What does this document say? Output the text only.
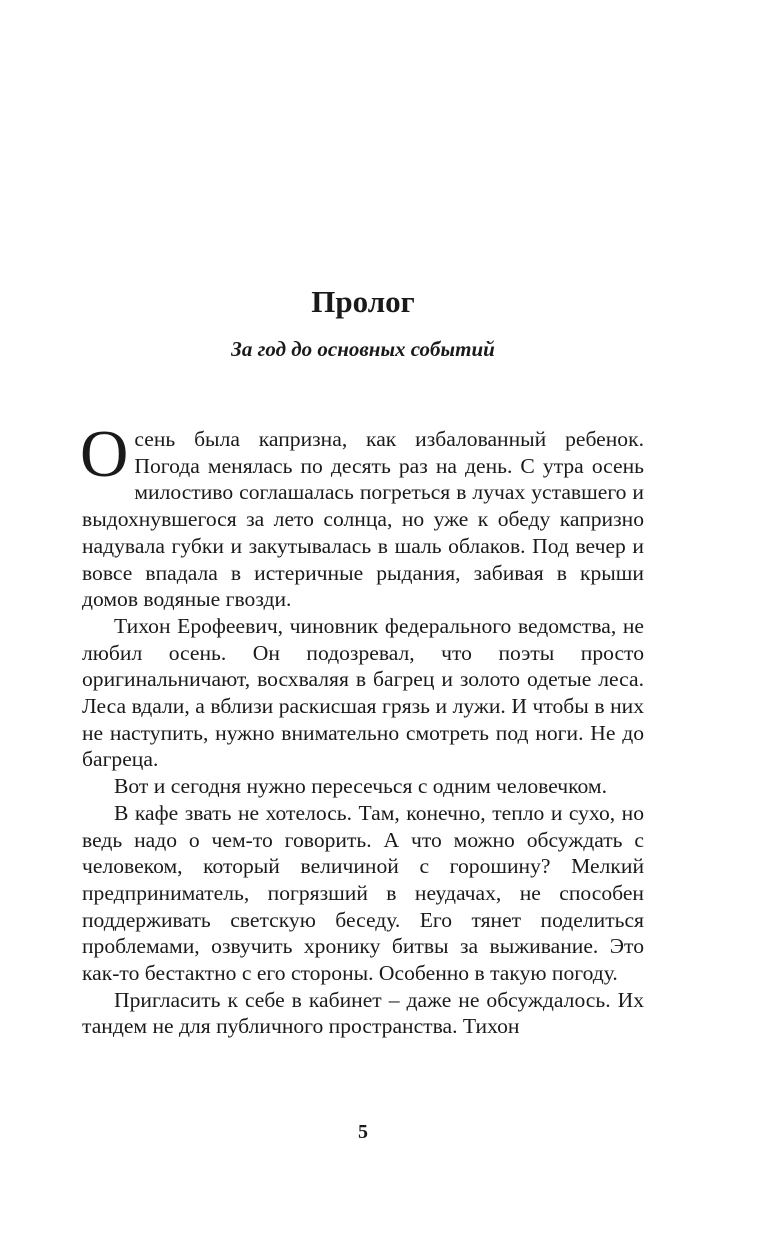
Пролог
За год до основных событий

Осень была капризна, как избалованный ребенок. Погода менялась по десять раз на день. С утра осень милостиво соглашалась погреться в лучах уставшего и выдохнувшегося за лето солнца, но уже к обеду капризно надувала губки и закутывалась в шаль облаков. Под вечер и вовсе впадала в истеричные рыдания, забивая в крыши домов водяные гвозди.

Тихон Ерофеевич, чиновник федерального ведомства, не любил осень. Он подозревал, что поэты просто оригинальничают, восхваляя в багрец и золото одетые леса. Леса вдали, а вблизи раскисшая грязь и лужи. И чтобы в них не наступить, нужно внимательно смотреть под ноги. Не до багреца.

Вот и сегодня нужно пересечься с одним человечком.

В кафе звать не хотелось. Там, конечно, тепло и сухо, но ведь надо о чем-то говорить. А что можно обсуждать с человеком, который величиной с горошину? Мелкий предприниматель, погрязший в неудачах, не способен поддерживать светскую беседу. Его тянет поделиться проблемами, озвучить хронику битвы за выживание. Это как-то бестактно с его стороны. Особенно в такую погоду.

Пригласить к себе в кабинет – даже не обсуждалось. Их тандем не для публичного пространства. Тихон

5
